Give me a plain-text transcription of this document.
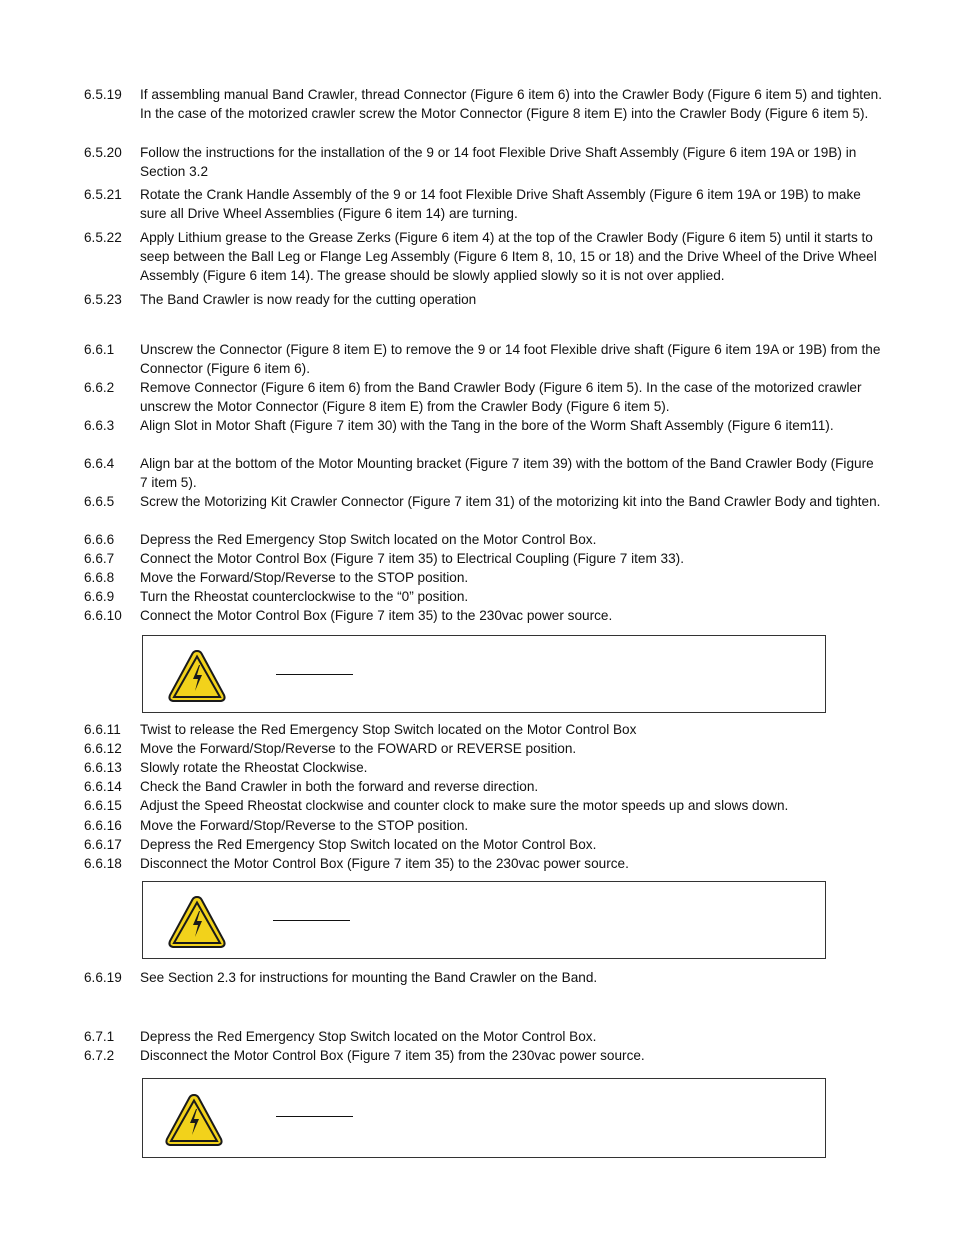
6.5.19	If assembling manual Band Crawler, thread Connector (Figure 6 item 6) into the Crawler Body (Figure 6 item 5) and tighten. In the case of the motorized crawler screw the Motor Connector (Figure 8 item E) into the Crawler Body (Figure 6 item 5).
6.5.20	Follow the instructions for the installation of the 9 or 14 foot Flexible Drive Shaft Assembly (Figure 6 item 19A or 19B) in Section 3.2
6.5.21	Rotate the Crank Handle Assembly of the 9 or 14 foot Flexible Drive Shaft Assembly (Figure 6 item 19A or 19B) to make sure all Drive Wheel Assemblies (Figure 6 item 14) are turning.
6.5.22	Apply Lithium grease to the Grease Zerks (Figure 6 item 4) at the top of the Crawler Body (Figure 6 item 5) until it starts to seep between the Ball Leg or Flange Leg Assembly (Figure 6 Item 8, 10, 15 or 18) and the Drive Wheel of the Drive Wheel Assembly (Figure 6 item 14). The grease should be slowly applied slowly so it is not over applied.
6.5.23	The Band Crawler is now ready for the cutting operation
6.6.1	Unscrew the Connector (Figure 8 item E) to remove the 9 or 14 foot Flexible drive shaft (Figure 6 item 19A or 19B) from the Connector (Figure 6 item 6).
6.6.2	Remove Connector (Figure 6 item 6) from the Band Crawler Body (Figure 6 item 5). In the case of the motorized crawler unscrew the Motor Connector (Figure 8 item E) from the Crawler Body (Figure 6 item 5).
6.6.3	Align Slot in Motor Shaft (Figure 7 item 30) with the Tang in the bore of the Worm Shaft Assembly (Figure 6 item11).
6.6.4	Align bar at the bottom of the Motor Mounting bracket (Figure 7 item 39) with the bottom of the Band Crawler Body (Figure 7 item 5).
6.6.5	Screw the Motorizing Kit Crawler Connector (Figure 7 item 31) of the motorizing kit into the Band Crawler Body and tighten.
6.6.6	Depress the Red Emergency Stop Switch located on the Motor Control Box.
6.6.7	Connect the Motor Control Box (Figure 7 item 35) to Electrical Coupling (Figure 7 item 33).
6.6.8	Move the Forward/Stop/Reverse to the STOP position.
6.6.9	Turn the Rheostat counterclockwise to the “0” position.
6.6.10	Connect the Motor Control Box (Figure 7 item 35) to the 230vac power source.
6.6.11	Twist to release the Red Emergency Stop Switch located on the Motor Control Box
6.6.12	Move the Forward/Stop/Reverse to the FOWARD or REVERSE position.
6.6.13	Slowly rotate the Rheostat Clockwise.
6.6.14	Check the Band Crawler in both the forward and reverse direction.
6.6.15	Adjust the Speed Rheostat clockwise and counter clock to make sure the motor speeds up and slows down.
6.6.16	Move the Forward/Stop/Reverse to the STOP position.
6.6.17	Depress the Red Emergency Stop Switch located on the Motor Control Box.
6.6.18	Disconnect the Motor Control Box (Figure 7 item 35) to the 230vac power source.
6.6.19	See Section 2.3 for instructions for mounting the Band Crawler on the Band.
6.7.1	Depress the Red Emergency Stop Switch located on the Motor Control Box.
6.7.2	Disconnect the Motor Control Box (Figure 7 item 35) from the 230vac power source.
